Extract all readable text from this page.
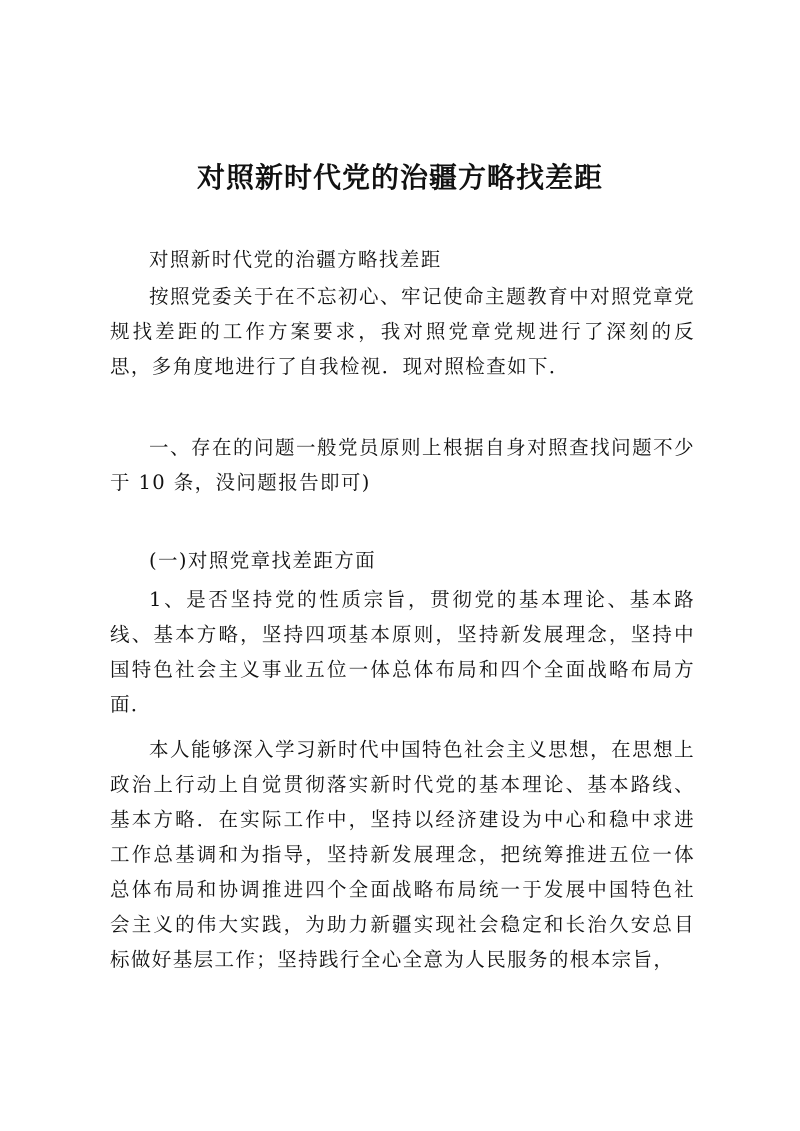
对照新时代党的治疆方略找差距

对照新时代党的治疆方略找差距

按照党委关于在不忘初心、牢记使命主题教育中对照党章党规找差距的工作方案要求，我对照党章党规进行了深刻的反思，多角度地进行了自我检视．现对照检查如下．

一、存在的问题一般党员原则上根据自身对照查找问题不少于 10 条，没问题报告即可)

(一)对照党章找差距方面

1、是否坚持党的性质宗旨，贯彻党的基本理论、基本路线、基本方略，坚持四项基本原则，坚持新发展理念，坚持中国特色社会主义事业五位一体总体布局和四个全面战略布局方面．

本人能够深入学习新时代中国特色社会主义思想，在思想上政治上行动上自觉贯彻落实新时代党的基本理论、基本路线、基本方略．在实际工作中，坚持以经济建设为中心和稳中求进工作总基调和为指导，坚持新发展理念，把统筹推进五位一体总体布局和协调推进四个全面战略布局统一于发展中国特色社会主义的伟大实践，为助力新疆实现社会稳定和长治久安总目标做好基层工作；坚持践行全心全意为人民服务的根本宗旨，
